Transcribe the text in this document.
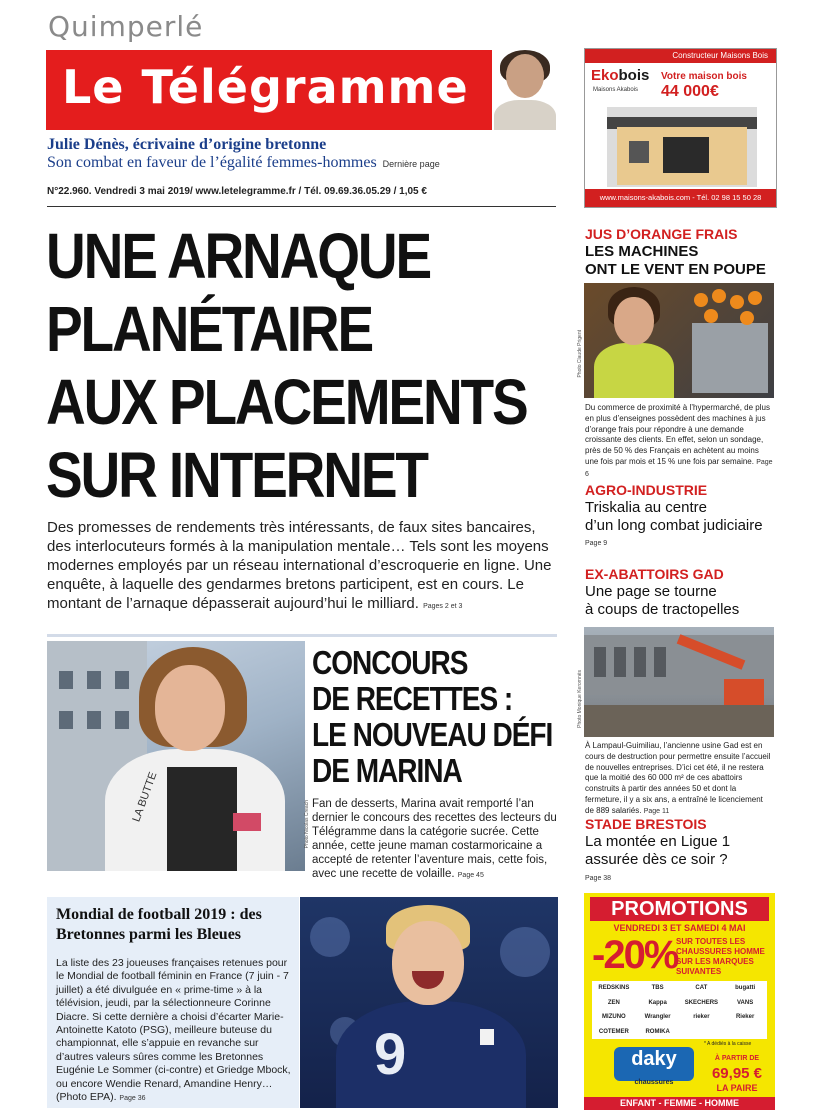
Quimperlé
Le Télégramme
Julie Dénès, écrivaine d’origine bretonne
Son combat en faveur de l’égalité femmes-hommes Dernière page
N°22.960. Vendredi 3 mai 2019/ www.letelegramme.fr / Tél. 09.69.36.05.29 / 1,05 €
UNE ARNAQUE
PLANÉTAIRE
AUX PLACEMENTS
SUR INTERNET
Des promesses de rendements très intéressants, de faux sites bancaires, des interlocuteurs formés à la manipulation mentale… Tels sont les moyens modernes employés par un réseau international d’escroquerie en ligne. Une enquête, à laquelle des gendarmes bretons participent, est en cours. Le montant de l’arnaque dépasserait aujourd’hui le milliard. Pages 2 et 3
LA BUTTE
Photo Nicolas Creach
CONCOURS
DE RECETTES :
LE NOUVEAU DÉFI
DE MARINA
Fan de desserts, Marina avait remporté l’an dernier le concours des recettes des lecteurs du Télégramme dans la catégorie sucrée. Cette année, cette jeune maman costarmoricaine a accepté de retenter l’aventure mais, cette fois, avec une recette de volaille. Page 45
Mondial de football 2019 : des Bretonnes parmi les Bleues
La liste des 23 joueuses françaises retenues pour le Mondial de football féminin en France (7 juin - 7 juillet) a été divulguée en « prime-time » à la télévision, jeudi, par la sélectionneure Corinne Diacre. Si cette dernière a choisi d’écarter Marie-Antoinette Katoto (PSG), meilleure buteuse du championnat, elle s’appuie en revanche sur d’autres valeurs sûres comme les Bretonnes Eugénie Le Sommer (ci-contre) et Griedge Mbock, ou encore Wendie Renard, Amandine Henry… (Photo EPA). Page 36
9
Constructeur Maisons Bois
Ekobois
Maisons Akabois
Votre maison bois
44 000€
www.maisons-akabois.com - Tél. 02 98 15 50 28
JUS D’ORANGE FRAIS
LES MACHINES
ONT LE VENT EN POUPE
Photo Claude Prigent
Du commerce de proximité à l’hypermarché, de plus en plus d’enseignes possèdent des machines à jus d’orange frais pour répondre à une demande croissante des clients. En effet, selon un sondage, près de 50 % des Français en achètent au moins une fois par mois et 15 % une fois par semaine. Page 6
AGRO-INDUSTRIE
Triskalia au centre
d’un long combat judiciaire
Page 9
EX-ABATTOIRS GAD
Une page se tourne
à coups de tractopelles
Photo Monique Keromnès
À Lampaul-Guimiliau, l’ancienne usine Gad est en cours de destruction pour permettre ensuite l’accueil de nouvelles entreprises. D’ici cet été, il ne restera que la moitié des 60 000 m² de ces abattoirs construits à partir des années 50 et dont la fermeture, il y a six ans, a entraîné le licenciement de 889 salariés. Page 11
STADE BRESTOIS
La montée en Ligue 1
assurée dès ce soir ?
Page 38
PROMOTIONS
VENDREDI 3 ET SAMEDI 4 MAI
-20%
SUR TOUTES LES CHAUSSURES HOMME SUR LES MARQUES SUIVANTES
REDSKINS	TBS	CAT	bugatti
ZEN	Kappa	SKECHERS	VANS
MIZUNO	Wrangler	rieker	Rieker
COTEMER	ROMIKA
* A dédiés à la caisse
daky
chaussures
À PARTIR DE
69,95 €
LA PAIRE
ENFANT - FEMME - HOMME
